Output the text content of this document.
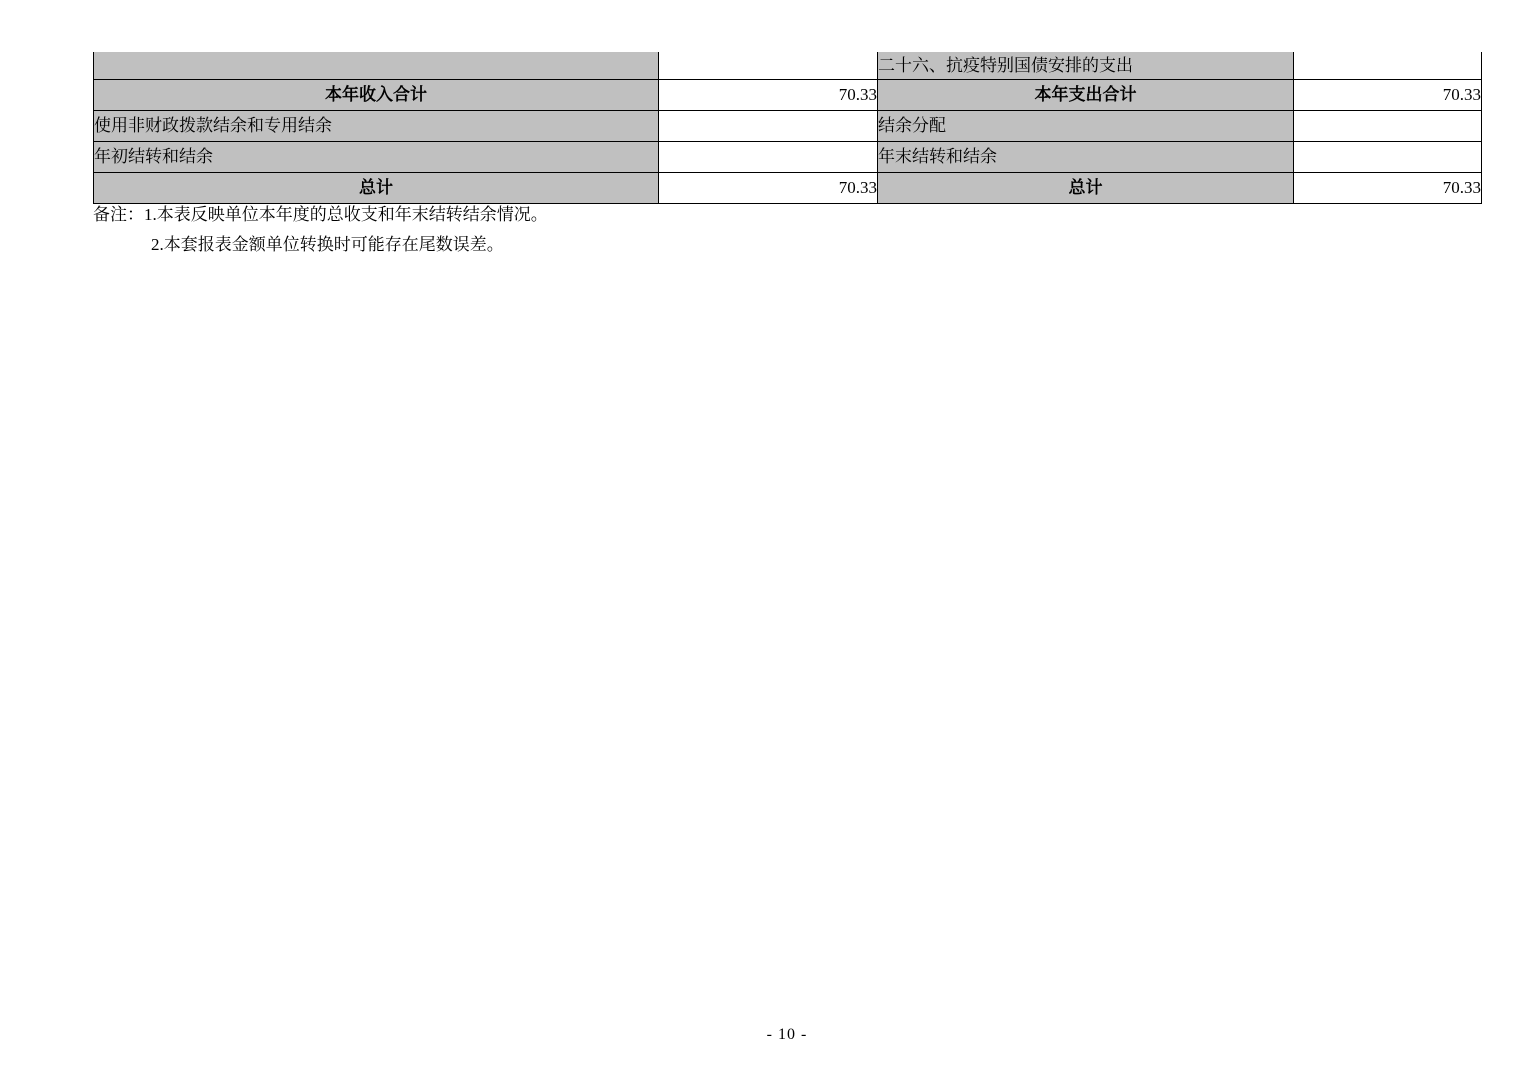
		二十六、抗疫特别国债安排的支出	
本年收入合计	70.33	本年支出合计	70.33
使用非财政拨款结余和专用结余		结余分配	
年初结转和结余		年末结转和结余	
总计	70.33	总计	70.33
备注：1.本表反映单位本年度的总收支和年末结转结余情况。
2.本套报表金额单位转换时可能存在尾数误差。
- 10 -
